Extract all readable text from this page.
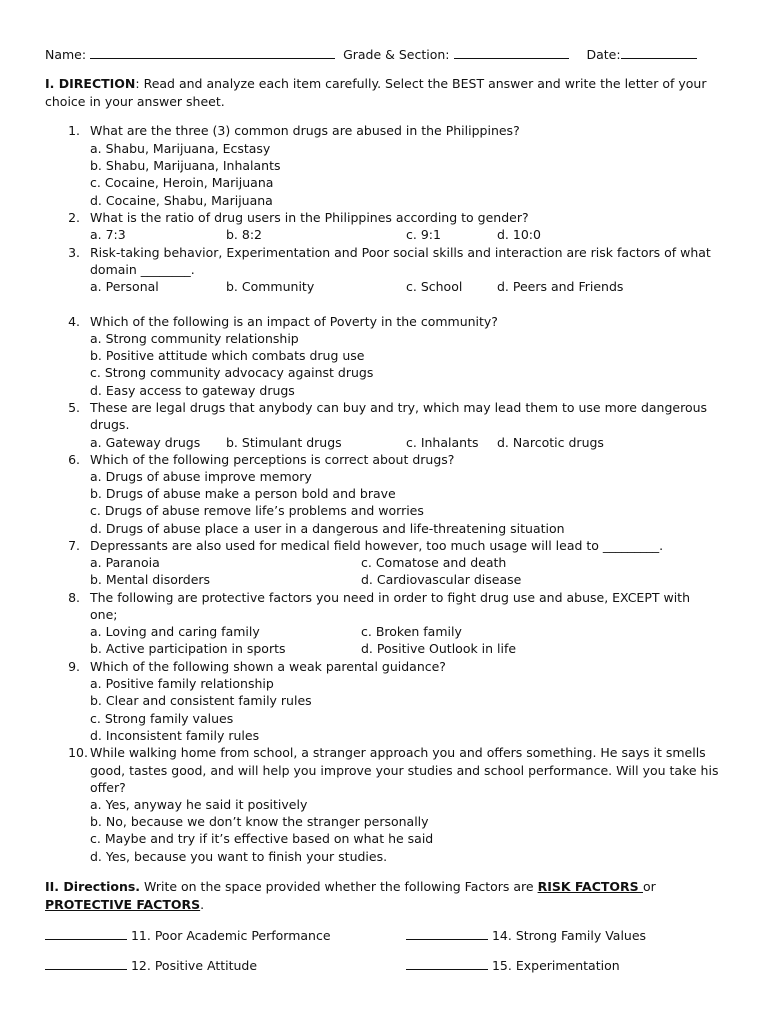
Name:	Grade & Section:	Date:
I. DIRECTION: Read and analyze each item carefully. Select the BEST answer and write the letter of your
choice in your answer sheet.
1. What are the three (3) common drugs are abused in the Philippines?
a. Shabu, Marijuana, Ecstasy
b. Shabu, Marijuana, Inhalants
c. Cocaine, Heroin, Marijuana
d. Cocaine, Shabu, Marijuana
2. What is the ratio of drug users in the Philippines according to gender?
a. 7:3	b. 8:2	c. 9:1	d. 10:0
3. Risk-taking behavior, Experimentation and Poor social skills and interaction are risk factors of what
domain ________.
a. Personal	b. Community	c. School	d. Peers and Friends
4. Which of the following is an impact of Poverty in the community?
a. Strong community relationship
b. Positive attitude which combats drug use
c. Strong community advocacy against drugs
d. Easy access to gateway drugs
5. These are legal drugs that anybody can buy and try, which may lead them to use more dangerous
drugs.
a. Gateway drugs b. Stimulant drugs	c. Inhalants d. Narcotic drugs
6. Which of the following perceptions is correct about drugs?
a. Drugs of abuse improve memory
b. Drugs of abuse make a person bold and brave
c. Drugs of abuse remove life’s problems and worries
d. Drugs of abuse place a user in a dangerous and life-threatening situation
7. Depressants are also used for medical field however, too much usage will lead to _________.
a. Paranoia	c. Comatose and death
b. Mental disorders	d. Cardiovascular disease
8. The following are protective factors you need in order to fight drug use and abuse, EXCEPT with
one;
a. Loving and caring family	c. Broken family
b. Active participation in sports	d. Positive Outlook in life
9. Which of the following shown a weak parental guidance?
a. Positive family relationship
b. Clear and consistent family rules
c. Strong family values
d. Inconsistent family rules
10. While walking home from school, a stranger approach you and offers something. He says it smells
good, tastes good, and will help you improve your studies and school performance. Will you take his
offer?
a. Yes, anyway he said it positively
b. No, because we don’t know the stranger personally
c. Maybe and try if it’s effective based on what he said
d. Yes, because you want to finish your studies.
II. Directions. Write on the space provided whether the following Factors are RISK FACTORS or
PROTECTIVE FACTORS.
11. Poor Academic Performance	14. Strong Family Values
12. Positive Attitude	15. Experimentation
